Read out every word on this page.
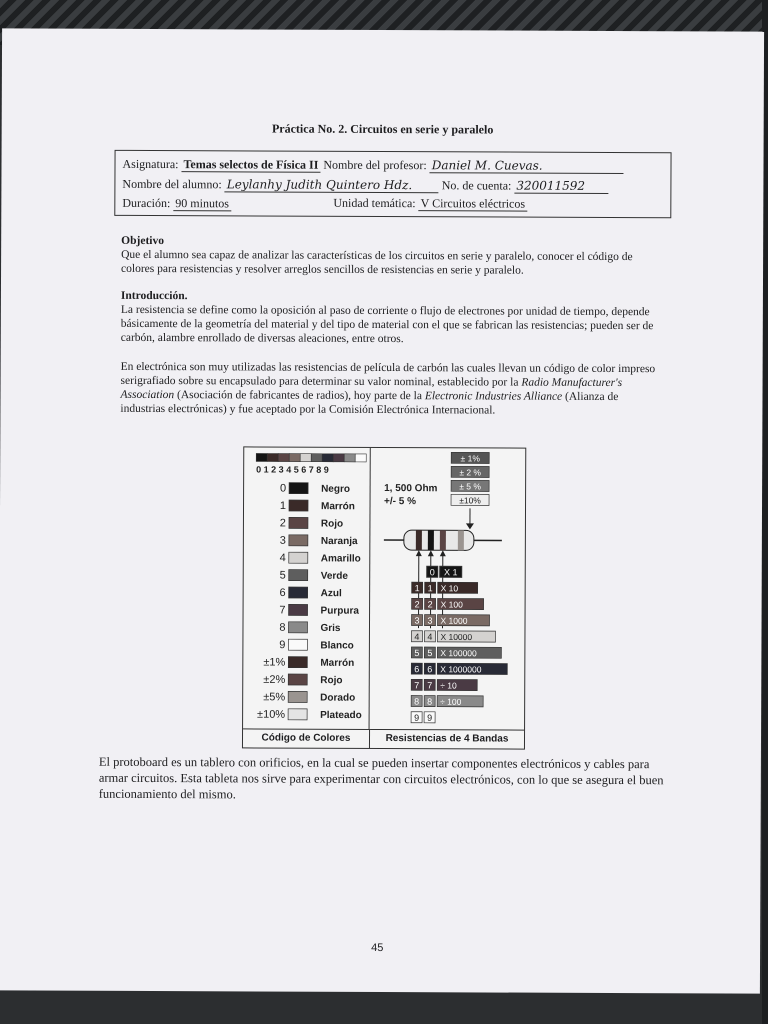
Práctica No. 2. Circuitos en serie y paralelo
Asignatura: Temas selectos de Física II Nombre del profesor: Daniel M. Cuevas.
Nombre del alumno: Leylanhy Judith Quintero Hdz. No. de cuenta: 320011592
Duración: 90 minutos	Unidad temática: V Circuitos eléctricos
Objetivo
Que el alumno sea capaz de analizar las características de los circuitos en serie y paralelo, conocer el código de colores para resistencias y resolver arreglos sencillos de resistencias en serie y paralelo.
Introducción.
La resistencia se define como la oposición al paso de corriente o flujo de electrones por unidad de tiempo, depende básicamente de la geometría del material y del tipo de material con el que se fabrican las resistencias; pueden ser de carbón, alambre enrollado de diversas aleaciones, entre otros.
En electrónica son muy utilizadas las resistencias de película de carbón las cuales llevan un código de color impreso serigrafiado sobre su encapsulado para determinar su valor nominal, establecido por la Radio Manufacturer's Association (Asociación de fabricantes de radios), hoy parte de la Electronic Industries Alliance (Alianza de industrias electrónicas) y fue aceptado por la Comisión Electrónica Internacional.
0 1 2 3 4 5 6 7 8 9
0	Negro
1	Marrón
2	Rojo
3	Naranja
4	Amarillo
5	Verde
6	Azul
7	Purpura
8	Gris
9	Blanco
±1%	Marrón
±2%	Rojo
±5%	Dorado
±10%	Plateado
1, 500 Ohm
+/- 5 %
± 1%
± 2 %
± 5 %
±10%
0 X 1
1 1 X 10
2 2 X 100
3 3 X 1000
4 4 X 10000
5 5 X 100000
6 6 X 1000000
7 7 ÷ 10
8 8 ÷ 100
9 9
Código de Colores	Resistencias de 4 Bandas
El protoboard es un tablero con orificios, en la cual se pueden insertar componentes electrónicos y cables para armar circuitos. Esta tableta nos sirve para experimentar con circuitos electrónicos, con lo que se asegura el buen funcionamiento del mismo.
45
